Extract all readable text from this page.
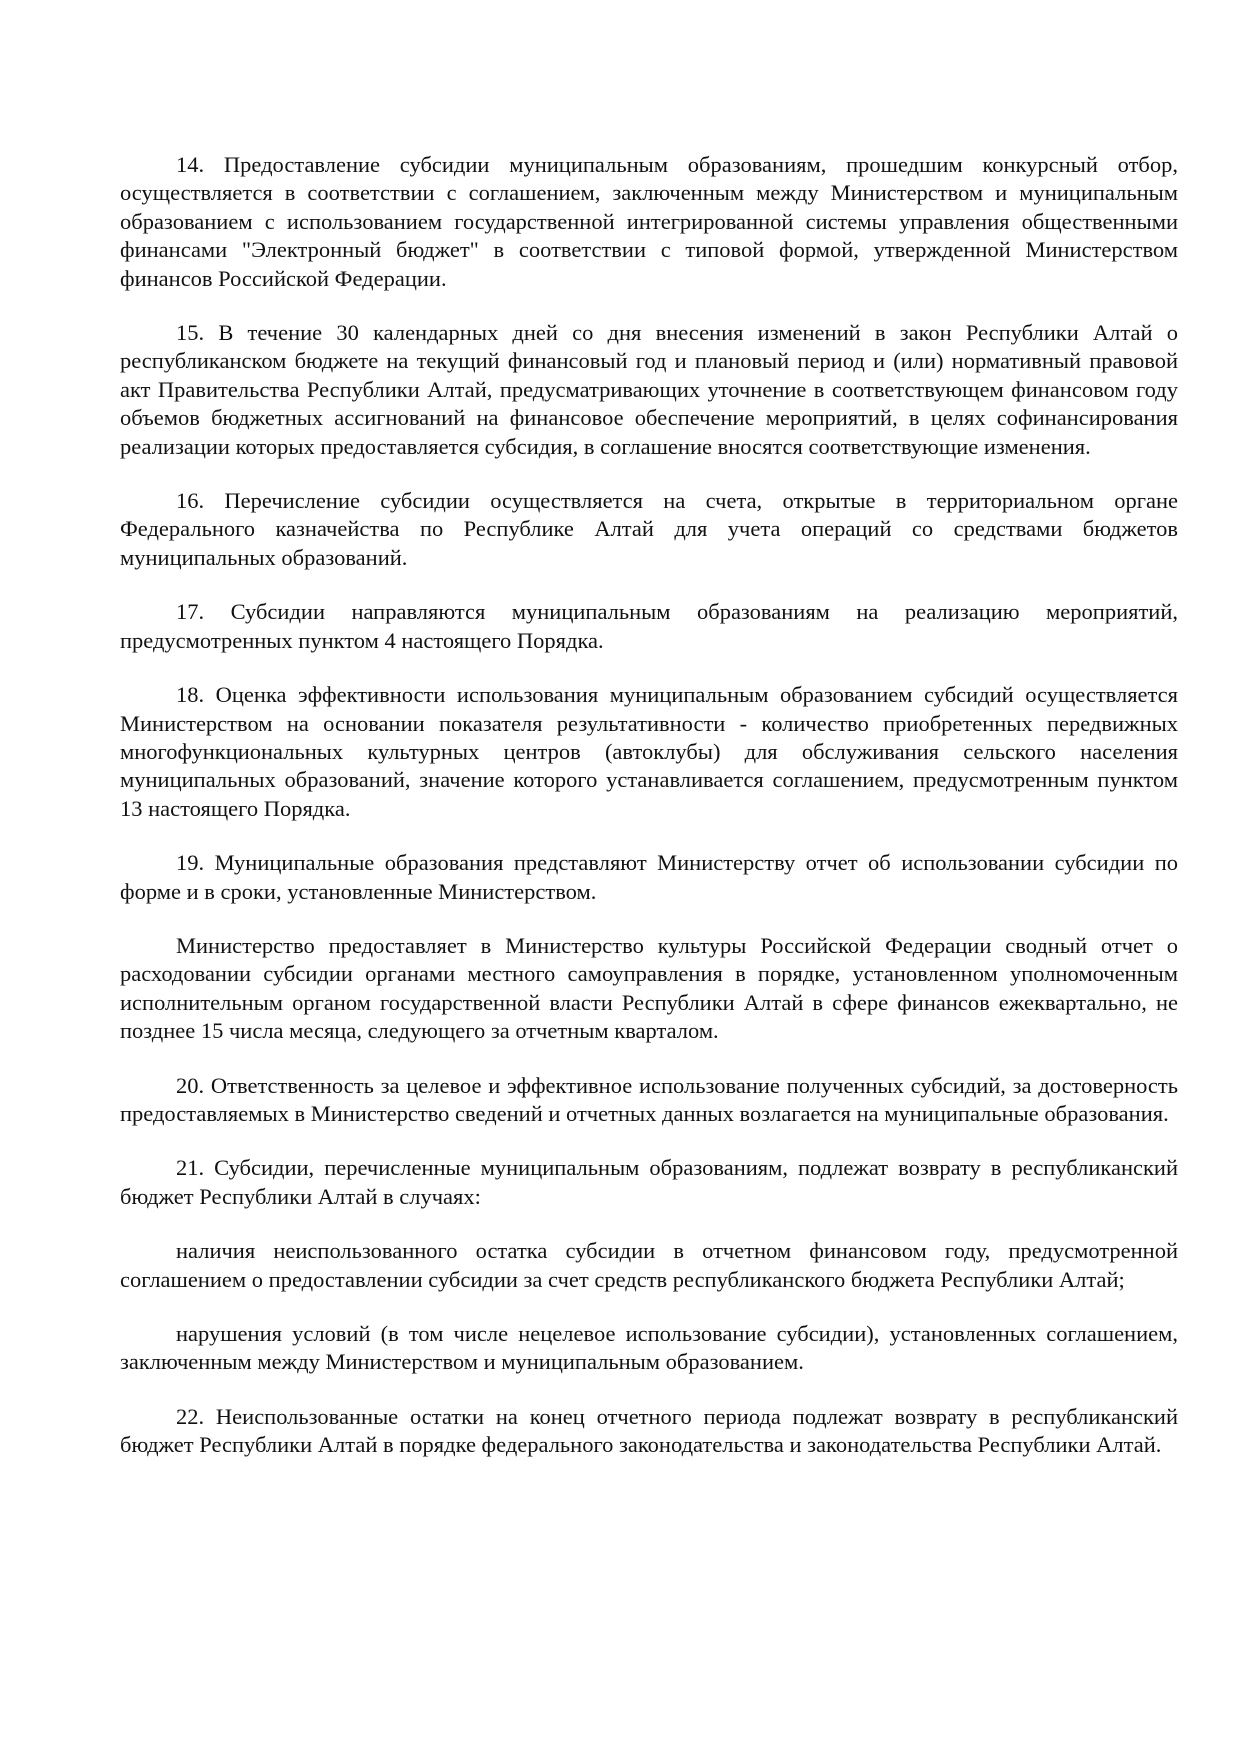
14. Предоставление субсидии муниципальным образованиям, прошедшим конкурсный отбор, осуществляется в соответствии с соглашением, заключенным между Министерством и муниципальным образованием с использованием государственной интегрированной системы управления общественными финансами "Электронный бюджет" в соответствии с типовой формой, утвержденной Министерством финансов Российской Федерации.

15. В течение 30 календарных дней со дня внесения изменений в закон Республики Алтай о республиканском бюджете на текущий финансовый год и плановый период и (или) нормативный правовой акт Правительства Республики Алтай, предусматривающих уточнение в соответствующем финансовом году объемов бюджетных ассигнований на финансовое обеспечение мероприятий, в целях софинансирования реализации которых предоставляется субсидия, в соглашение вносятся соответствующие изменения.

16. Перечисление субсидии осуществляется на счета, открытые в территориальном органе Федерального казначейства по Республике Алтай для учета операций со средствами бюджетов муниципальных образований.

17. Субсидии направляются муниципальным образованиям на реализацию мероприятий, предусмотренных пунктом 4 настоящего Порядка.

18. Оценка эффективности использования муниципальным образованием субсидий осуществляется Министерством на основании показателя результативности - количество приобретенных передвижных многофункциональных культурных центров (автоклубы) для обслуживания сельского населения муниципальных образований, значение которого устанавливается соглашением, предусмотренным пунктом 13 настоящего Порядка.

19. Муниципальные образования представляют Министерству отчет об использовании субсидии по форме и в сроки, установленные Министерством.

Министерство предоставляет в Министерство культуры Российской Федерации сводный отчет о расходовании субсидии органами местного самоуправления в порядке, установленном уполномоченным исполнительным органом государственной власти Республики Алтай в сфере финансов ежеквартально, не позднее 15 числа месяца, следующего за отчетным кварталом.

20. Ответственность за целевое и эффективное использование полученных субсидий, за достоверность предоставляемых в Министерство сведений и отчетных данных возлагается на муниципальные образования.

21. Субсидии, перечисленные муниципальным образованиям, подлежат возврату в республиканский бюджет Республики Алтай в случаях:

наличия неиспользованного остатка субсидии в отчетном финансовом году, предусмотренной соглашением о предоставлении субсидии за счет средств республиканского бюджета Республики Алтай;

нарушения условий (в том числе нецелевое использование субсидии), установленных соглашением, заключенным между Министерством и муниципальным образованием.

22. Неиспользованные остатки на конец отчетного периода подлежат возврату в республиканский бюджет Республики Алтай в порядке федерального законодательства и законодательства Республики Алтай.
